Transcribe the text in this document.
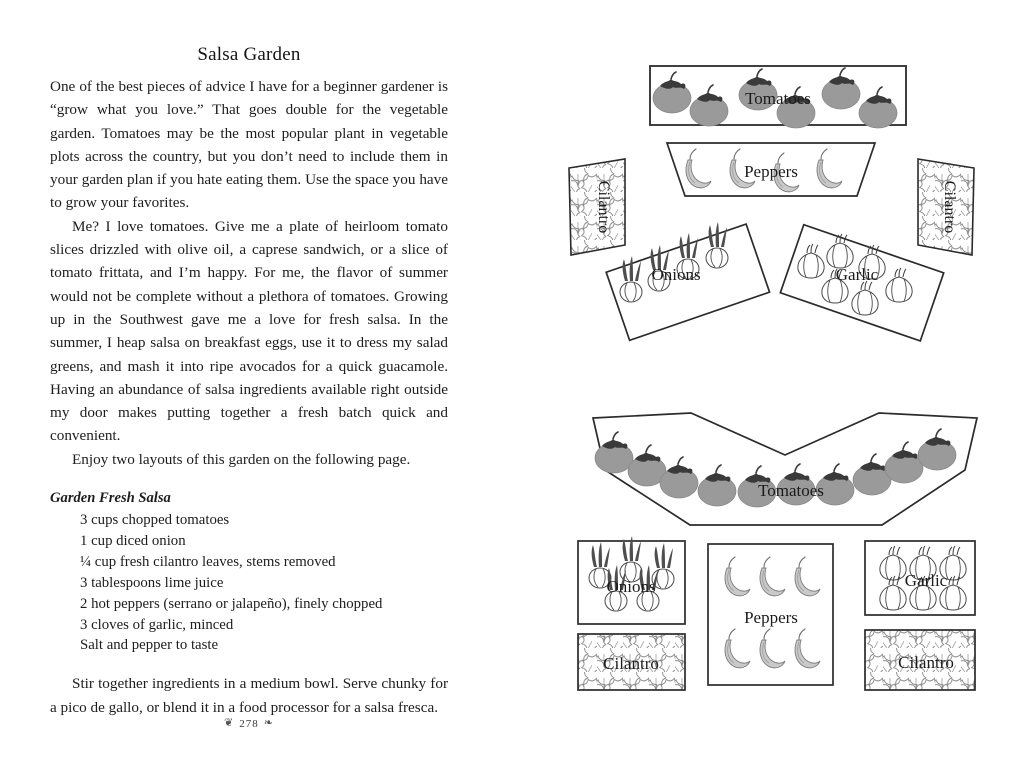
Salsa Garden

One of the best pieces of advice I have for a beginner gardener is “grow what you love.” That goes double for the vegetable garden. Tomatoes may be the most popular plant in vegetable plots across the country, but you don’t need to include them in your garden plan if you hate eating them. Use the space you have to grow your favorites.

Me? I love tomatoes. Give me a plate of heirloom tomato slices drizzled with olive oil, a caprese sandwich, or a slice of tomato frittata, and I’m happy. For me, the flavor of summer would not be complete without a plethora of tomatoes. Growing up in the Southwest gave me a love for fresh salsa. In the summer, I heap salsa on breakfast eggs, use it to dress my salad greens, and mash it into ripe avocados for a quick guacamole. Having an abundance of salsa ingredients available right outside my door makes putting together a fresh batch quick and convenient.

Enjoy two layouts of this garden on the following page.

Garden Fresh Salsa
3 cups chopped tomatoes
1 cup diced onion
¼ cup fresh cilantro leaves, stems removed
3 tablespoons lime juice
2 hot peppers (serrano or jalapeño), finely chopped
3 cloves of garlic, minced
Salt and pepper to taste

Stir together ingredients in a medium bowl. Serve chunky for a pico de gallo, or blend it in a food processor for a salsa fresca.

❦ 278 ❧
Tomatoes
Peppers
Cilantro	Cilantro
Onions	Garlic
Tomatoes
Onions
Cilantro
Peppers
Garlic
Cilantro
